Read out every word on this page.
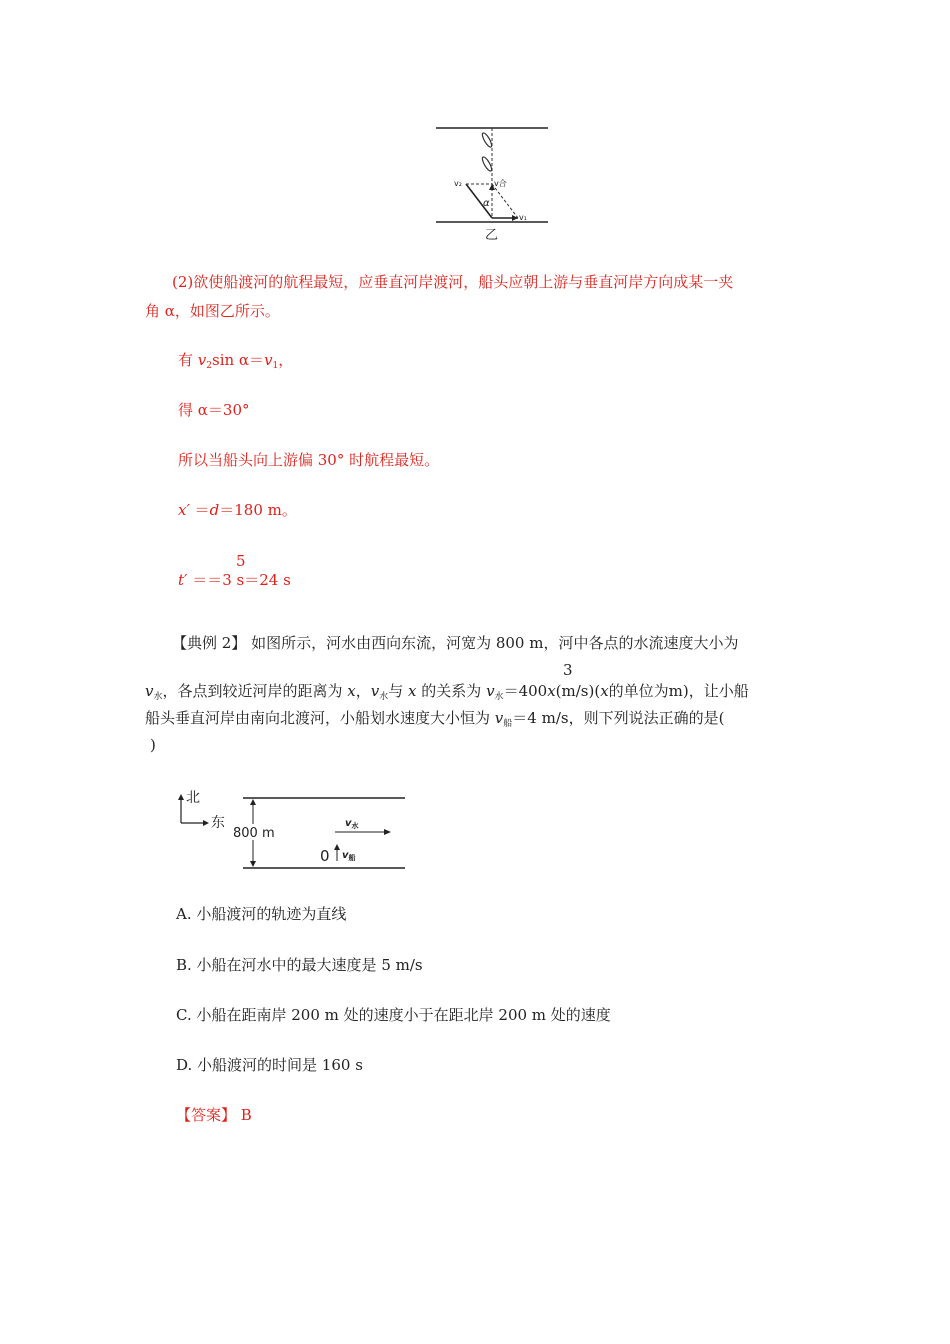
v₂	v合
v₁
α
乙
(2)欲使船渡河的航程最短，应垂直河岸渡河，船头应朝上游与垂直河岸方向成某一夹
角 α，如图乙所示。
有 $v_2\sin$ $\alpha=v_1$，
得 α＝30°
所以当船头向上游偏 30° 时航程最短。
x′ ＝d＝180 m。
5
t′ ＝＝3 s＝24 s
【典例 2】 如图所示，河水由西向东流，河宽为 800 m，河中各点的水流速度大小为
3
$v_水$，各点到较近河岸的距离为 x，$v_水$与 x 的关系为 $v_水=400x(m/s)(x$的单位为m)，让小船
船头垂直河岸由南向北渡河，小船划水速度大小恒为 $v_船=4$ m/s，则下列说法正确的是(
)
北
东
800 m
$v_水$
0 $v_船$
A. 小船渡河的轨迹为直线
B. 小船在河水中的最大速度是 5 m/s
C. 小船在距南岸 200 m 处的速度小于在距北岸 200 m 处的速度
D. 小船渡河的时间是 160 s
【答案】 B
